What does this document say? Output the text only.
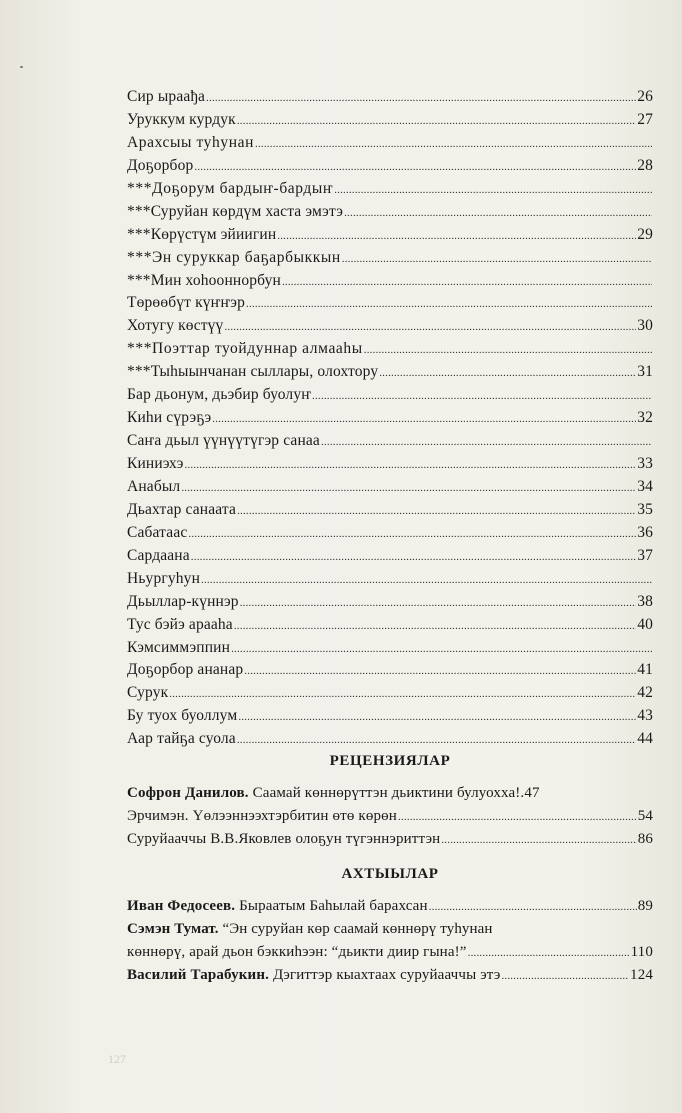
Сир ыраађа .....	26
Уруккум курдук .....	27
Арахсыы туһунан
.....
Доҕорбор .....	28
***Доҕорум бардыҥ-бардыҥ
.....
***Суруйан көрдүм хаста эмэтэ
.....
***Көрүстүм эйиигин .....	29
***Эн суруккар баҕарбыккын
.....
***Мин хоһооннорбун
.....
Төрөөбүт күҥҥэр
.....
Хотугу көстүү .....	30
***Поэттар туойдуннар алмааһы
.....
***Тыһыынчанан сыллары, олохтору .....	31
Бар дьонум, дьэбир буолуҥ
.....
Киһи сүрэҕэ .....	32
Саҥа дьыл үүнүүтүгэр санаа
.....
Киниэхэ .....	33
Анабыл .....	34
Дьахтар санаата .....	35
Сабатаас .....	36
Сардаана .....	37
Ньургуһун
.....
Дьыллар-күннэр .....	38
Тус бэйэ арааһа .....	40
Кэмсиммэппин
.....
Доҕорбор ананар .....	41
Сурук .....	42
Бу туох буоллум .....	43
Аар тайҕа суола .....	44
РЕЦЕНЗИЯЛАР
Софрон Данилов. Саамай көннөрүттэн дьиктини булуохха!. 47
Эрчимэн. Үөлээннээхтэрбитин өтө көрөн .....	54
Суруйааччы В.В.Яковлев олоҕун түгэннэриттэн .....	86
АХТЫЫЛАР
Иван Федосеев. Быраатым Баһылай барахсан .....	89
Сэмэн Тумат. “Эн суруйан көр саамай көннөрү туһунан
көннөрү, арай дьон бэккиһээн: “дьикти диир гына!” .....	110
Василий Тарабукин. Дэгиттэр кыахтаах суруйааччы этэ .....	124
127
